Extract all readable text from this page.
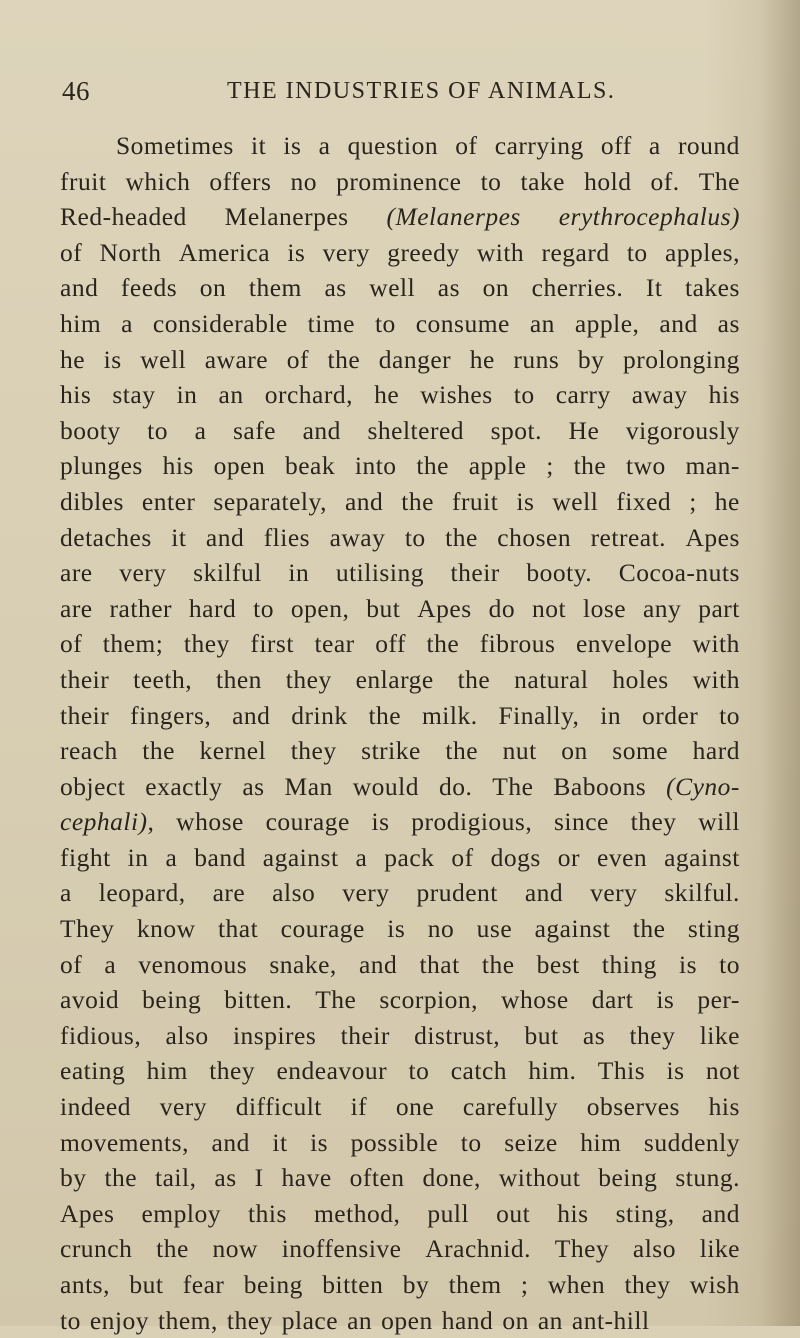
46	THE INDUSTRIES OF ANIMALS.
Sometimes it is a question of carrying off a round
fruit which offers no prominence to take hold of. The
Red-headed Melanerpes (Melanerpes erythrocephalus)
of North America is very greedy with regard to apples,
and feeds on them as well as on cherries. It takes
him a considerable time to consume an apple, and as
he is well aware of the danger he runs by prolonging
his stay in an orchard, he wishes to carry away his
booty to a safe and sheltered spot. He vigorously
plunges his open beak into the apple ; the two man-
dibles enter separately, and the fruit is well fixed ; he
detaches it and flies away to the chosen retreat. Apes
are very skilful in utilising their booty. Cocoa-nuts
are rather hard to open, but Apes do not lose any part
of them; they first tear off the fibrous envelope with
their teeth, then they enlarge the natural holes with
their fingers, and drink the milk. Finally, in order to
reach the kernel they strike the nut on some hard
object exactly as Man would do. The Baboons (Cyno-
cephali), whose courage is prodigious, since they will
fight in a band against a pack of dogs or even against
a leopard, are also very prudent and very skilful.
They know that courage is no use against the sting
of a venomous snake, and that the best thing is to
avoid being bitten. The scorpion, whose dart is per-
fidious, also inspires their distrust, but as they like
eating him they endeavour to catch him. This is not
indeed very difficult if one carefully observes his
movements, and it is possible to seize him suddenly
by the tail, as I have often done, without being stung.
Apes employ this method, pull out his sting, and
crunch the now inoffensive Arachnid. They also like
ants, but fear being bitten by them ; when they wish
to enjoy them, they place an open hand on an ant-hill
